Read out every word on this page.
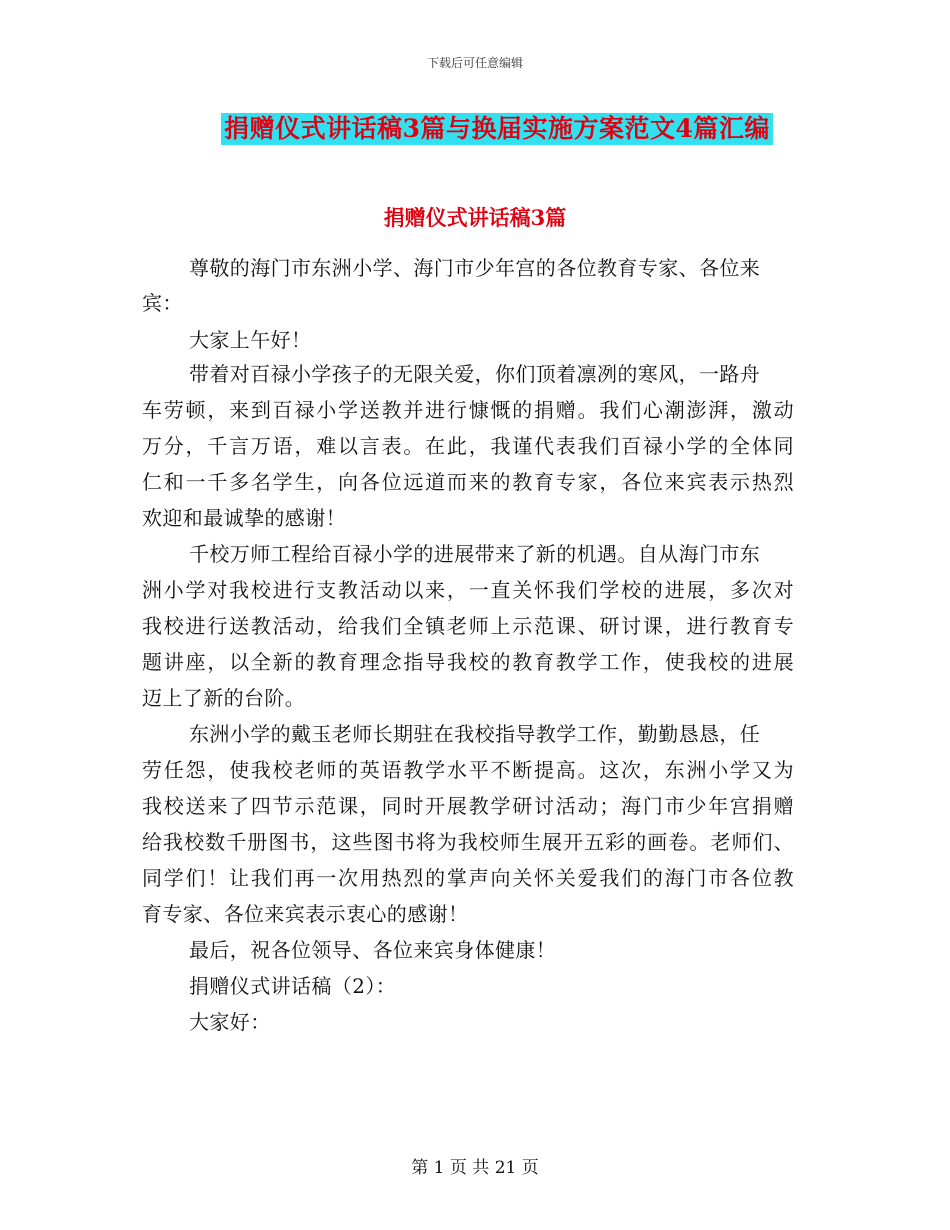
下载后可任意编辑
捐赠仪式讲话稿3篇与换届实施方案范文4篇汇编
捐赠仪式讲话稿3篇
尊敬的海门市东洲小学、海门市少年宫的各位教育专家、各位来
宾：
大家上午好！
带着对百禄小学孩子的无限关爱，你们顶着凛冽的寒风，一路舟
车劳顿，来到百禄小学送教并进行慷慨的捐赠。我们心潮澎湃，激动
万分，千言万语，难以言表。在此，我谨代表我们百禄小学的全体同
仁和一千多名学生，向各位远道而来的教育专家，各位来宾表示热烈
欢迎和最诚挚的感谢！
千校万师工程给百禄小学的进展带来了新的机遇。自从海门市东
洲小学对我校进行支教活动以来，一直关怀我们学校的进展，多次对
我校进行送教活动，给我们全镇老师上示范课、研讨课，进行教育专
题讲座，以全新的教育理念指导我校的教育教学工作，使我校的进展
迈上了新的台阶。
东洲小学的戴玉老师长期驻在我校指导教学工作，勤勤恳恳，任
劳任怨，使我校老师的英语教学水平不断提高。这次，东洲小学又为
我校送来了四节示范课，同时开展教学研讨活动；海门市少年宫捐赠
给我校数千册图书，这些图书将为我校师生展开五彩的画卷。老师们、
同学们！让我们再一次用热烈的掌声向关怀关爱我们的海门市各位教
育专家、各位来宾表示衷心的感谢！
最后，祝各位领导、各位来宾身体健康！
捐赠仪式讲话稿（2）：
大家好：
第 1 页 共 21 页
